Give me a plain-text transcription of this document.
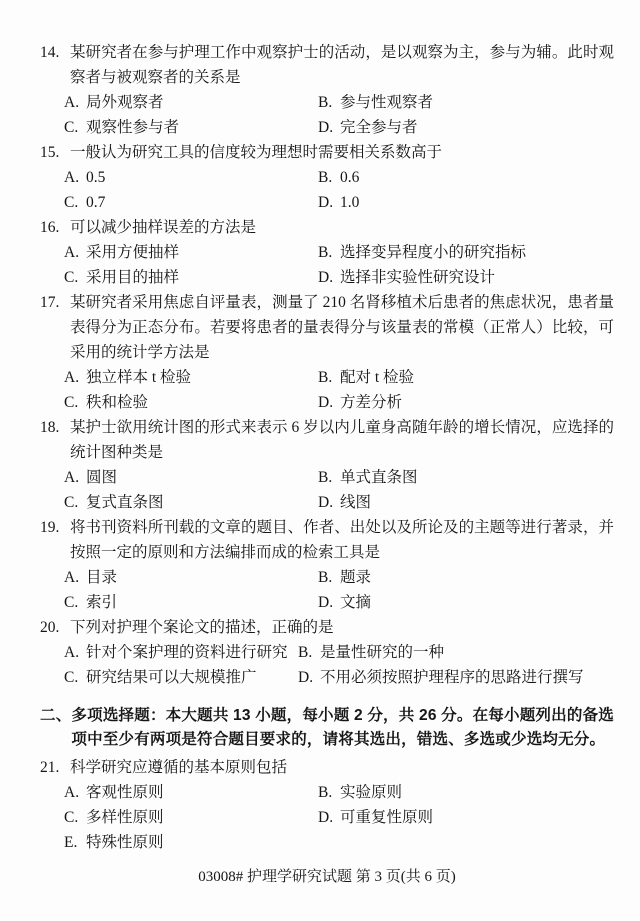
14. 某研究者在参与护理工作中观察护士的活动，是以观察为主，参与为辅。此时观察者与被观察者的关系是
A. 局外观察者	B. 参与性观察者
C. 观察性参与者	D. 完全参与者
15. 一般认为研究工具的信度较为理想时需要相关系数高于
A. 0.5	B. 0.6
C. 0.7	D. 1.0
16. 可以减少抽样误差的方法是
A. 采用方便抽样	B. 选择变异程度小的研究指标
C. 采用目的抽样	D. 选择非实验性研究设计
17. 某研究者采用焦虑自评量表，测量了 210 名肾移植术后患者的焦虑状况，患者量表得分为正态分布。若要将患者的量表得分与该量表的常模（正常人）比较，可采用的统计学方法是
A. 独立样本 t 检验	B. 配对 t 检验
C. 秩和检验	D. 方差分析
18. 某护士欲用统计图的形式来表示 6 岁以内儿童身高随年龄的增长情况，应选择的统计图种类是
A. 圆图	B. 单式直条图
C. 复式直条图	D. 线图
19. 将书刊资料所刊载的文章的题目、作者、出处以及所论及的主题等进行著录，并按照一定的原则和方法编排而成的检索工具是
A. 目录	B. 题录
C. 索引	D. 文摘
20. 下列对护理个案论文的描述，正确的是
A. 针对个案护理的资料进行研究 B. 是量性研究的一种
C. 研究结果可以大规模推广	D. 不用必须按照护理程序的思路进行撰写
二、 多项选择题：本大题共 13 小题，每小题 2 分，共 26 分。在每小题列出的备选项中至少有两项是符合题目要求的，请将其选出，错选、多选或少选均无分。
21. 科学研究应遵循的基本原则包括
A. 客观性原则	B. 实验原则
C. 多样性原则	D. 可重复性原则
E. 特殊性原则
03008# 护理学研究试题 第 3 页(共 6 页)
